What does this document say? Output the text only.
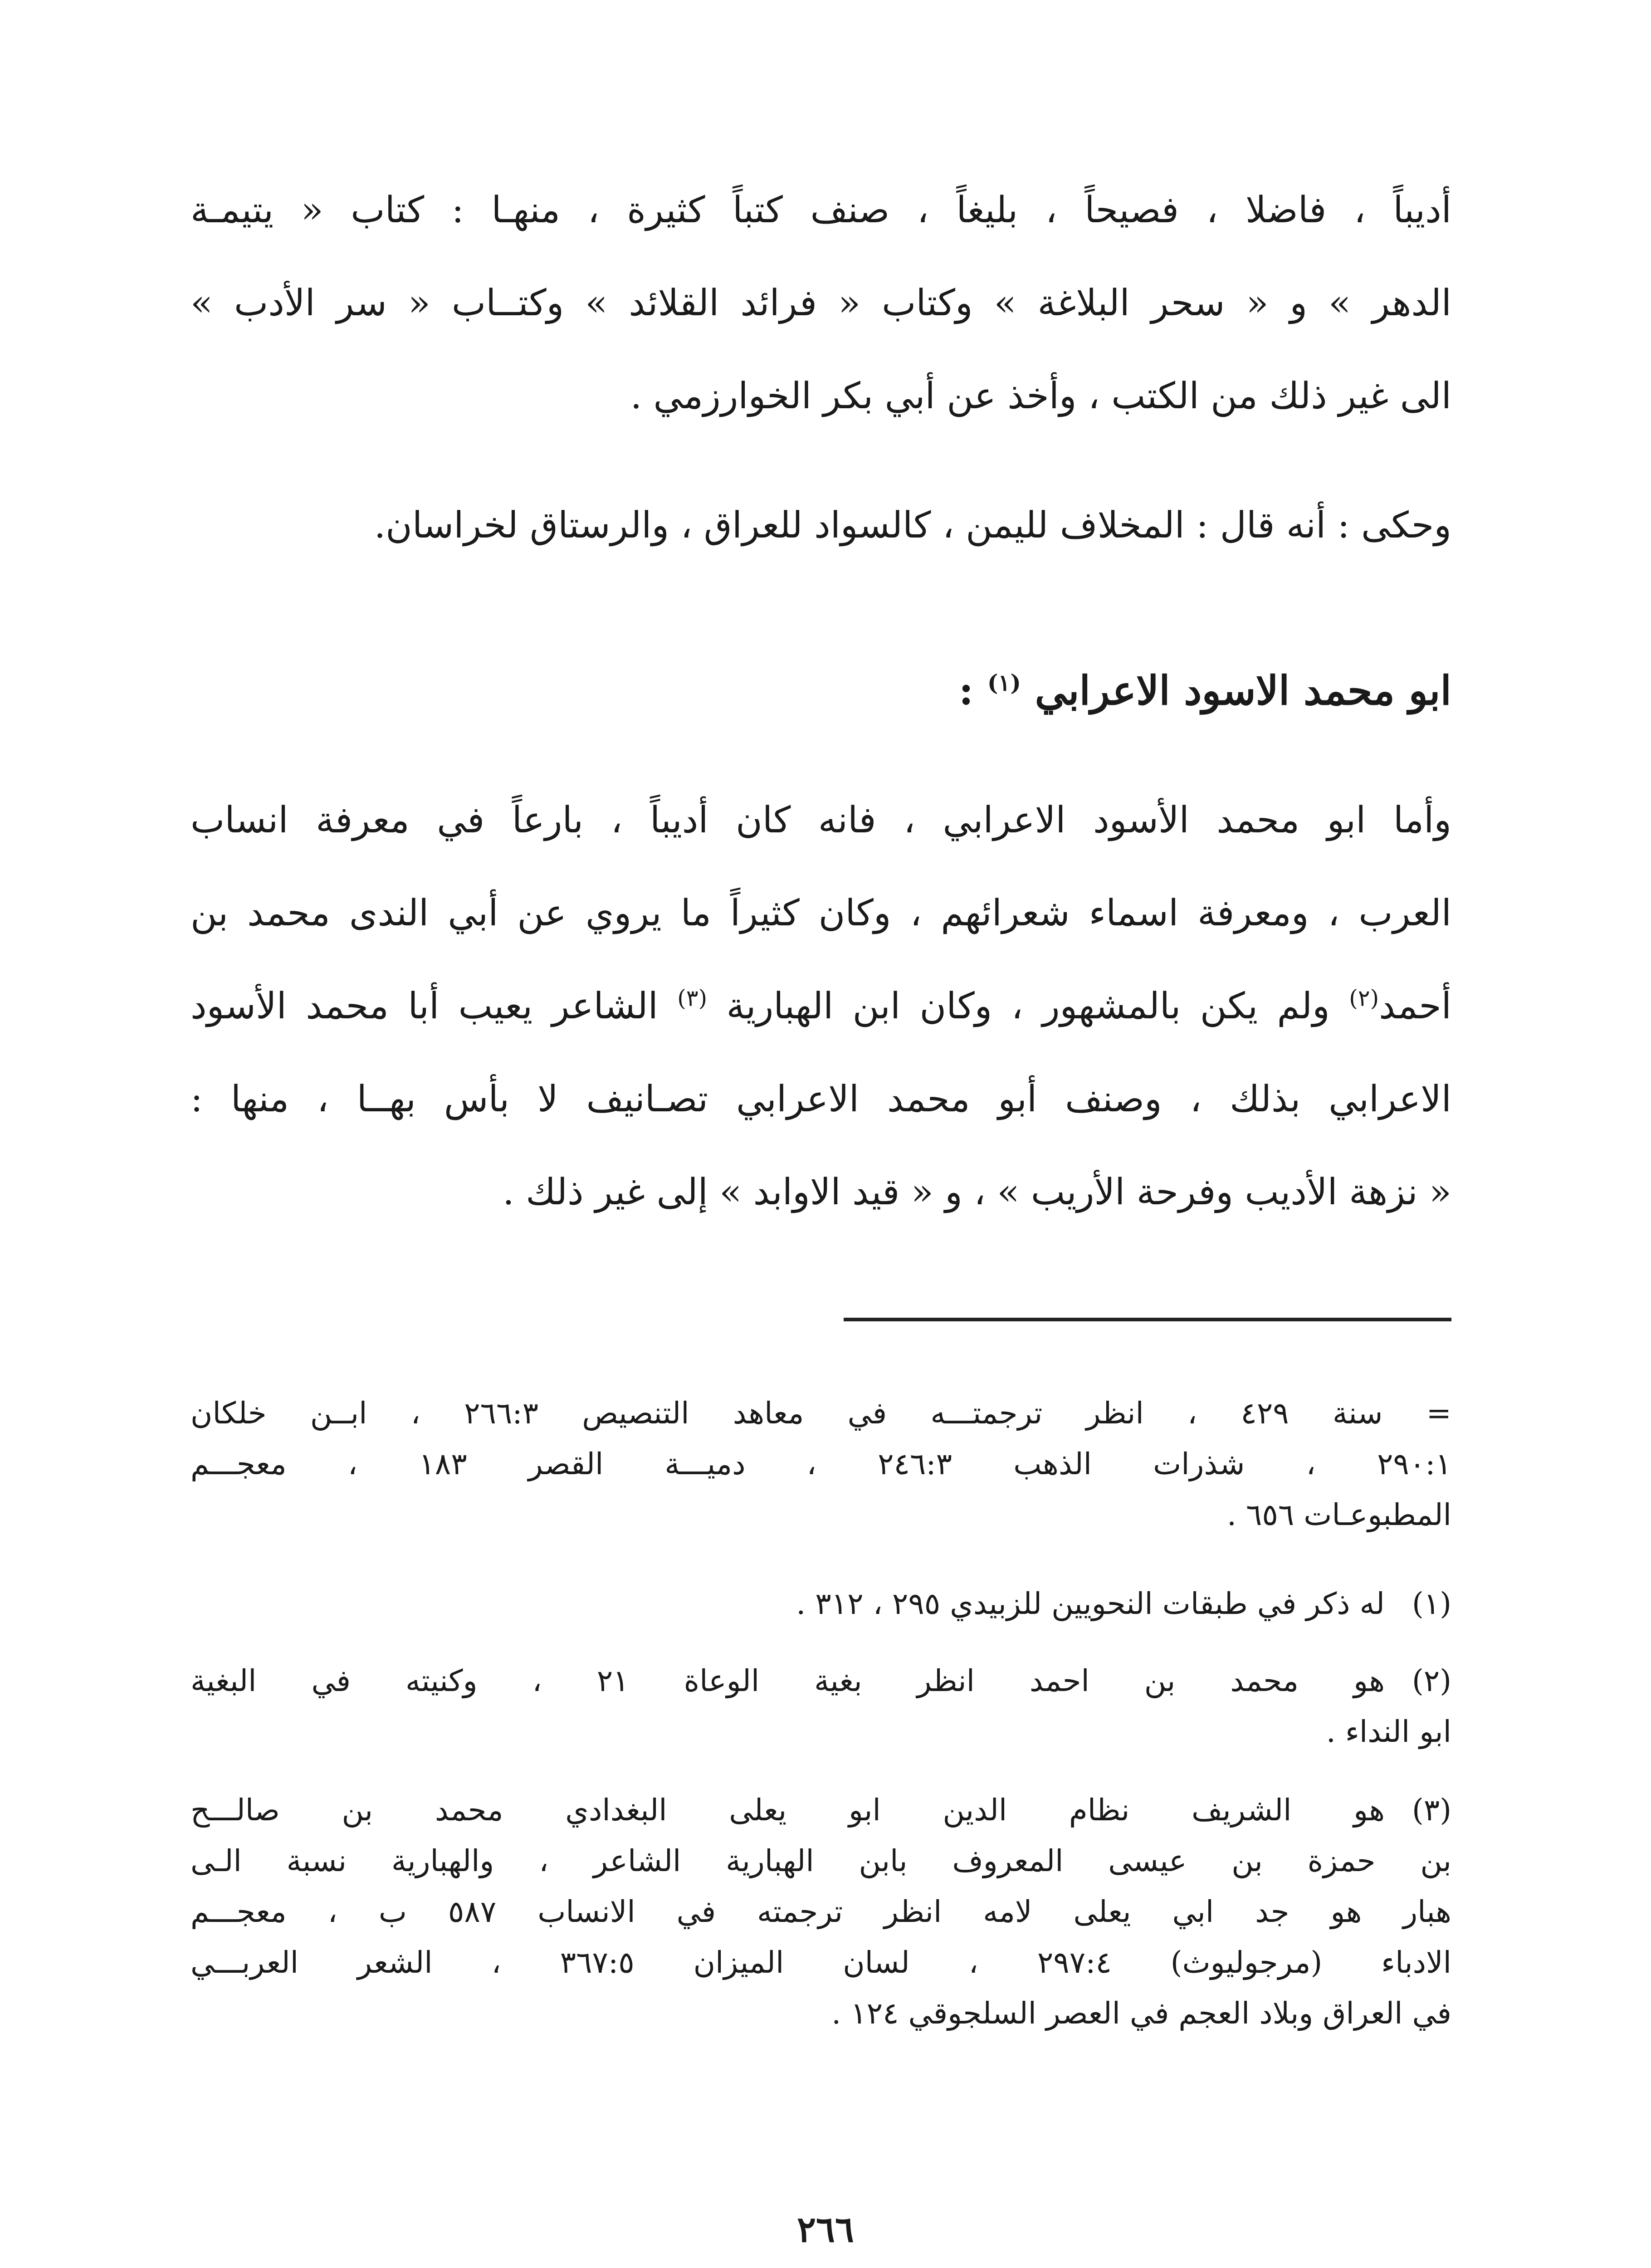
أديباً ، فاضلا ، فصيحاً ، بليغاً ، صنف كتباً كثيرة ، منهـا : كتاب « يتيمـة
الدهر » و « سحر البلاغة » وكتاب « فرائد القلائد » وكتــاب « سر الأدب »
الى غير ذلك من الكتب ، وأخذ عن أبي بكر الخوارزمي .
وحكى : أنه قال : المخلاف لليمن ، كالسواد للعراق ، والرستاق لخراسان.
ابو محمد الاسود الاعرابي $^{(١)}$ :
وأما ابو محمد الأسود الاعرابي ، فانه كان أديباً ، بارعاً في معرفة انساب
العرب ، ومعرفة اسماء شعرائهم ، وكان كثيراً ما يروي عن أبي الندى محمد بن
أحمد$^{(٢)}$ ولم يكن بالمشهور ، وكان ابن الهبارية $^{(٣)}$ الشاعر يعيب أبا محمد الأسود
الاعرابي بذلك ، وصنف أبو محمد الاعرابي تصـانيف لا بأس بهــا ، منها :
« نزهة الأديب وفرحة الأريب » ، و « قيد الاوابد » إلى غير ذلك .
= سنة ٤٢٩ ، انظر ترجمتـــه في معاهد التنصيص ٢٦٦:٣ ، ابــن خلكان
٢٩٠:١ ، شذرات الذهب ٢٤٦:٣ ، دميـــة القصر ١٨٣ ، معجـــم
المطبوعـات ٦٥٦ .
(١)له ذكر في طبقات النحويين للزبيدي ٢٩٥ ، ٣١٢ .
(٢)هو محمد بن احمد انظر بغية الوعاة ٢١ ، وكنيته في البغية
ابو النداء .
(٣)هو الشريف نظام الدين ابو يعلى البغدادي محمد بن صالـــح
بن حمزة بن عيسى المعروف بابن الهبارية الشاعر ، والهبارية نسبة الـى
هبار هو جد ابي يعلى لامه انظر ترجمته في الانساب ٥٨٧ ب ، معجـــم
الادباء (مرجوليوث) ٢٩٧:٤ ، لسان الميزان ٣٦٧:٥ ، الشعر العربـــي
في العراق وبلاد العجم في العصر السلجوقي ١٢٤ .
٢٦٦
